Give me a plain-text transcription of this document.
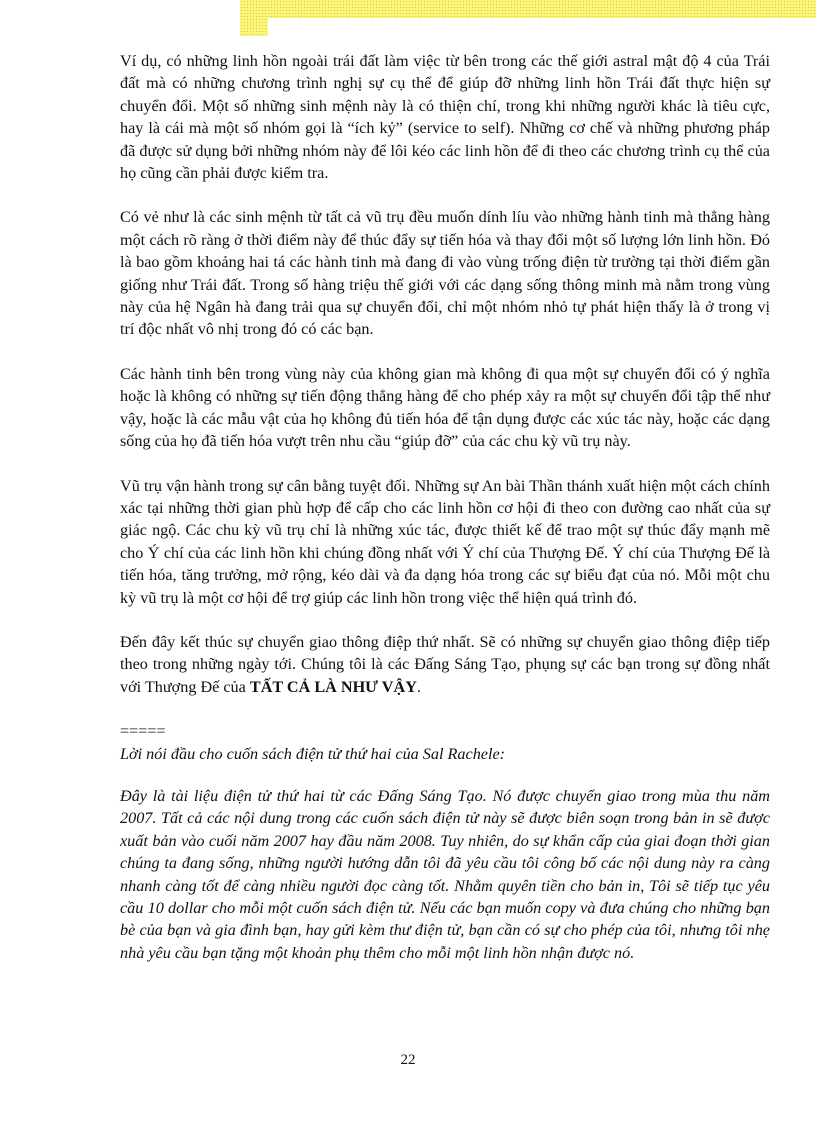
Ví dụ, có những linh hồn ngoài trái đất làm việc từ bên trong các thế giới astral mật độ 4 của Trái đất mà có những chương trình nghị sự cụ thể để giúp đỡ những linh hồn Trái đất thực hiện sự chuyển đổi. Một số những sinh mệnh này là có thiện chí, trong khi những người khác là tiêu cực, hay là cái mà một số nhóm gọi là “ích kỷ” (service to self). Những cơ chế và những phương pháp đã được sử dụng bởi những nhóm này để lôi kéo các linh hồn để đi theo các chương trình cụ thể của họ cũng cần phải được kiểm tra.

Có vẻ như là các sinh mệnh từ tất cả vũ trụ đều muốn dính líu vào những hành tinh mà thẳng hàng một cách rõ ràng ở thời điểm này để thúc đẩy sự tiến hóa và thay đổi một số lượng lớn linh hồn. Đó là bao gồm khoảng hai tá các hành tinh mà đang đi vào vùng trống điện từ trường tại thời điểm gần giống như Trái đất. Trong số hàng triệu thế giới với các dạng sống thông minh mà nằm trong vùng này của hệ Ngân hà đang trải qua sự chuyển đổi, chỉ một nhóm nhỏ tự phát hiện thấy là ở trong vị trí độc nhất vô nhị trong đó có các bạn.

Các hành tinh bên trong vùng này của không gian mà không đi qua một sự chuyển đổi có ý nghĩa hoặc là không có những sự tiến động thẳng hàng để cho phép xảy ra một sự chuyển đổi tập thể như vậy, hoặc là các mẫu vật của họ không đủ tiến hóa để tận dụng được các xúc tác này, hoặc các dạng sống của họ đã tiến hóa vượt trên nhu cầu “giúp đỡ” của các chu kỳ vũ trụ này.

Vũ trụ vận hành trong sự cân bằng tuyệt đối. Những sự An bài Thần thánh xuất hiện một cách chính xác tại những thời gian phù hợp để cấp cho các linh hồn cơ hội đi theo con đường cao nhất của sự giác ngộ. Các chu kỳ vũ trụ chỉ là những xúc tác, được thiết kế để trao một sự thúc đẩy mạnh mẽ cho Ý chí của các linh hồn khi chúng đồng nhất với Ý chí của Thượng Đế. Ý chí của Thượng Đế là tiến hóa, tăng trưởng, mở rộng, kéo dài và đa dạng hóa trong các sự biểu đạt của nó. Mỗi một chu kỳ vũ trụ là một cơ hội để trợ giúp các linh hồn trong việc thể hiện quá trình đó.

Đến đây kết thúc sự chuyển giao thông điệp thứ nhất. Sẽ có những sự chuyển giao thông điệp tiếp theo trong những ngày tới. Chúng tôi là các Đấng Sáng Tạo, phụng sự các bạn trong sự đồng nhất với Thượng Đế của TẤT CẢ LÀ NHƯ VẬY.

=====

Lời nói đầu cho cuốn sách điện tử thứ hai của Sal Rachele:

Đây là tài liệu điện tử thứ hai từ các Đấng Sáng Tạo. Nó được chuyển giao trong mùa thu năm 2007. Tất cả các nội dung trong các cuốn sách điện tử này sẽ được biên soạn trong bản in sẽ được xuất bản vào cuối năm 2007 hay đầu năm 2008. Tuy nhiên, do sự khẩn cấp của giai đoạn thời gian chúng ta đang sống, những người hướng dẫn tôi đã yêu cầu tôi công bố các nội dung này ra càng nhanh càng tốt để càng nhiều người đọc càng tốt. Nhằm quyên tiền cho bản in, Tôi sẽ tiếp tục yêu cầu 10 dollar cho mỗi một cuốn sách điện tử. Nếu các bạn muốn copy và đưa chúng cho những bạn bè của bạn và gia đình bạn, hay gửi kèm thư điện tử, bạn cần có sự cho phép của tôi, nhưng tôi nhẹ nhà yêu cầu bạn tặng một khoản phụ thêm cho mỗi một linh hồn nhận được nó.

22
